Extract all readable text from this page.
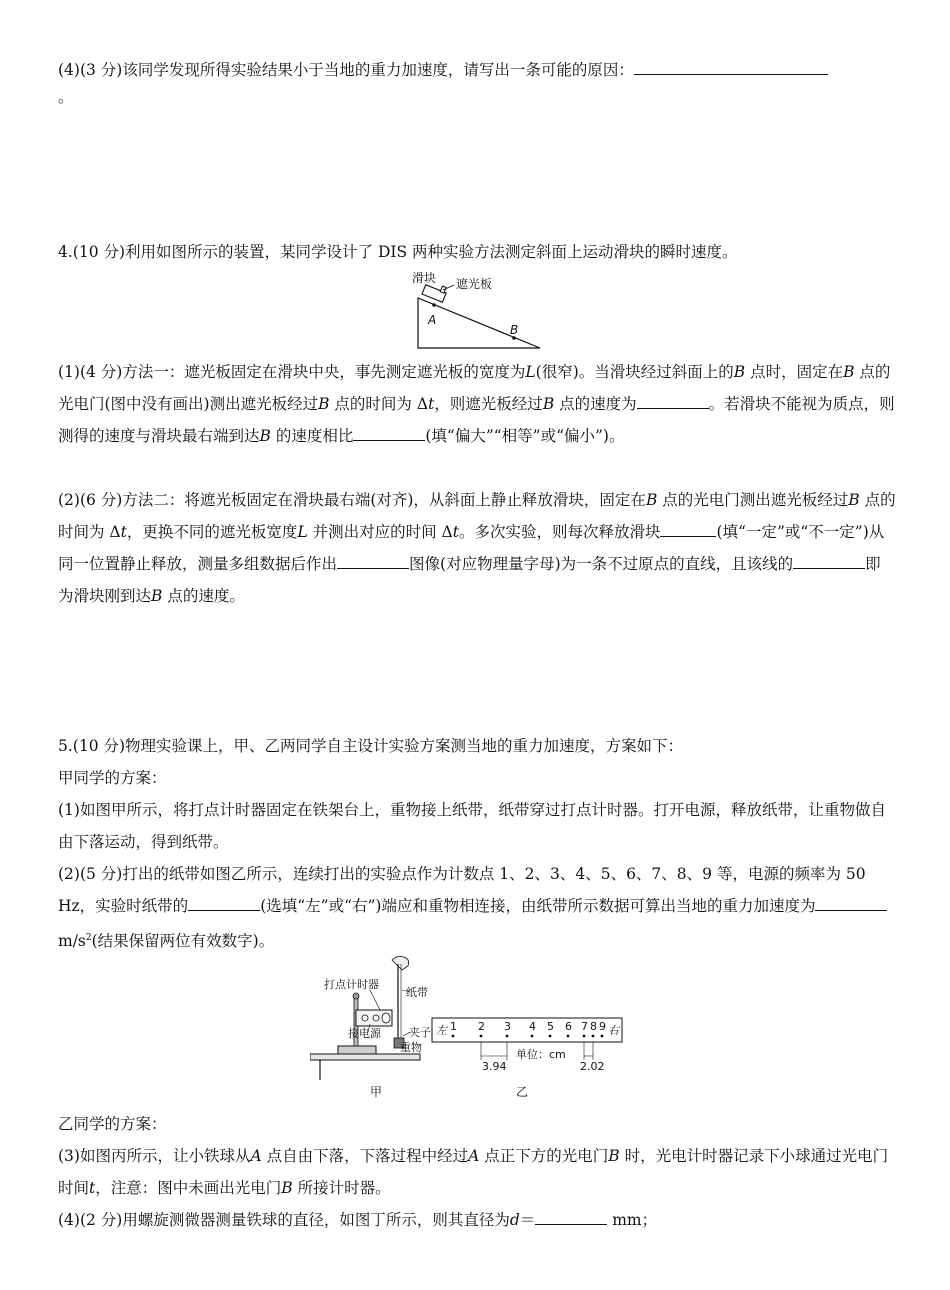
(4)(3 分)该同学发现所得实验结果小于当地的重力加速度，请写出一条可能的原因：

。

4.(10 分)利用如图所示的装置，某同学设计了 DIS 两种实验方法测定斜面上运动滑块的瞬时速度。

滑块 遮光板
A
B

(1)(4 分)方法一：遮光板固定在滑块中央，事先测定遮光板的宽度为L(很窄)。当滑块经过斜面上的B 点时，固定在B 点的光电门(图中没有画出)测出遮光板经过B 点的时间为 Δt，则遮光板经过B 点的速度为	。若滑块不能视为质点，则测得的速度与滑块最右端到达B 的速度相比	(填“偏大”“相等”或“偏小”)。

(2)(6 分)方法二：将遮光板固定在滑块最右端(对齐)，从斜面上静止释放滑块，固定在B 点的光电门测出遮光板经过B 点的时间为 Δt，更换不同的遮光板宽度L 并测出对应的时间 Δt。多次实验，则每次释放滑块	(填“一定”或“不一定”)从同一位置静止释放，测量多组数据后作出	图像(对应物理量字母)为一条不过原点的直线，且该线的	即为滑块刚到达B 点的速度。

5.(10 分)物理实验课上，甲、乙两同学自主设计实验方案测当地的重力加速度，方案如下：

甲同学的方案：

(1)如图甲所示，将打点计时器固定在铁架台上，重物接上纸带，纸带穿过打点计时器。打开电源，释放纸带，让重物做自由下落运动，得到纸带。

(2)(5 分)打出的纸带如图乙所示，连续打出的实验点作为计数点 1、2、3、4、5、6、7、8、9 等，电源的频率为 50 Hz，实验时纸带的	(选填“左”或“右”)端应和重物相连接，由纸带所示数据可算出当地的重力加速度为 $m/s^2$(结果保留两位有效数字)。

打点计时器
纸带
接电源	夹子
重物
甲
左	右
1 2 3 4 5 6 7 8 9
3.94
单位：cm
2.02
乙

乙同学的方案：

(3)如图丙所示，让小铁球从A 点自由下落，下落过程中经过A 点正下方的光电门B 时，光电计时器记录下小球通过光电门时间t，注意：图中未画出光电门B 所接计时器。

(4)(2 分)用螺旋测微器测量铁球的直径，如图丁所示，则其直径为d＝	mm；
